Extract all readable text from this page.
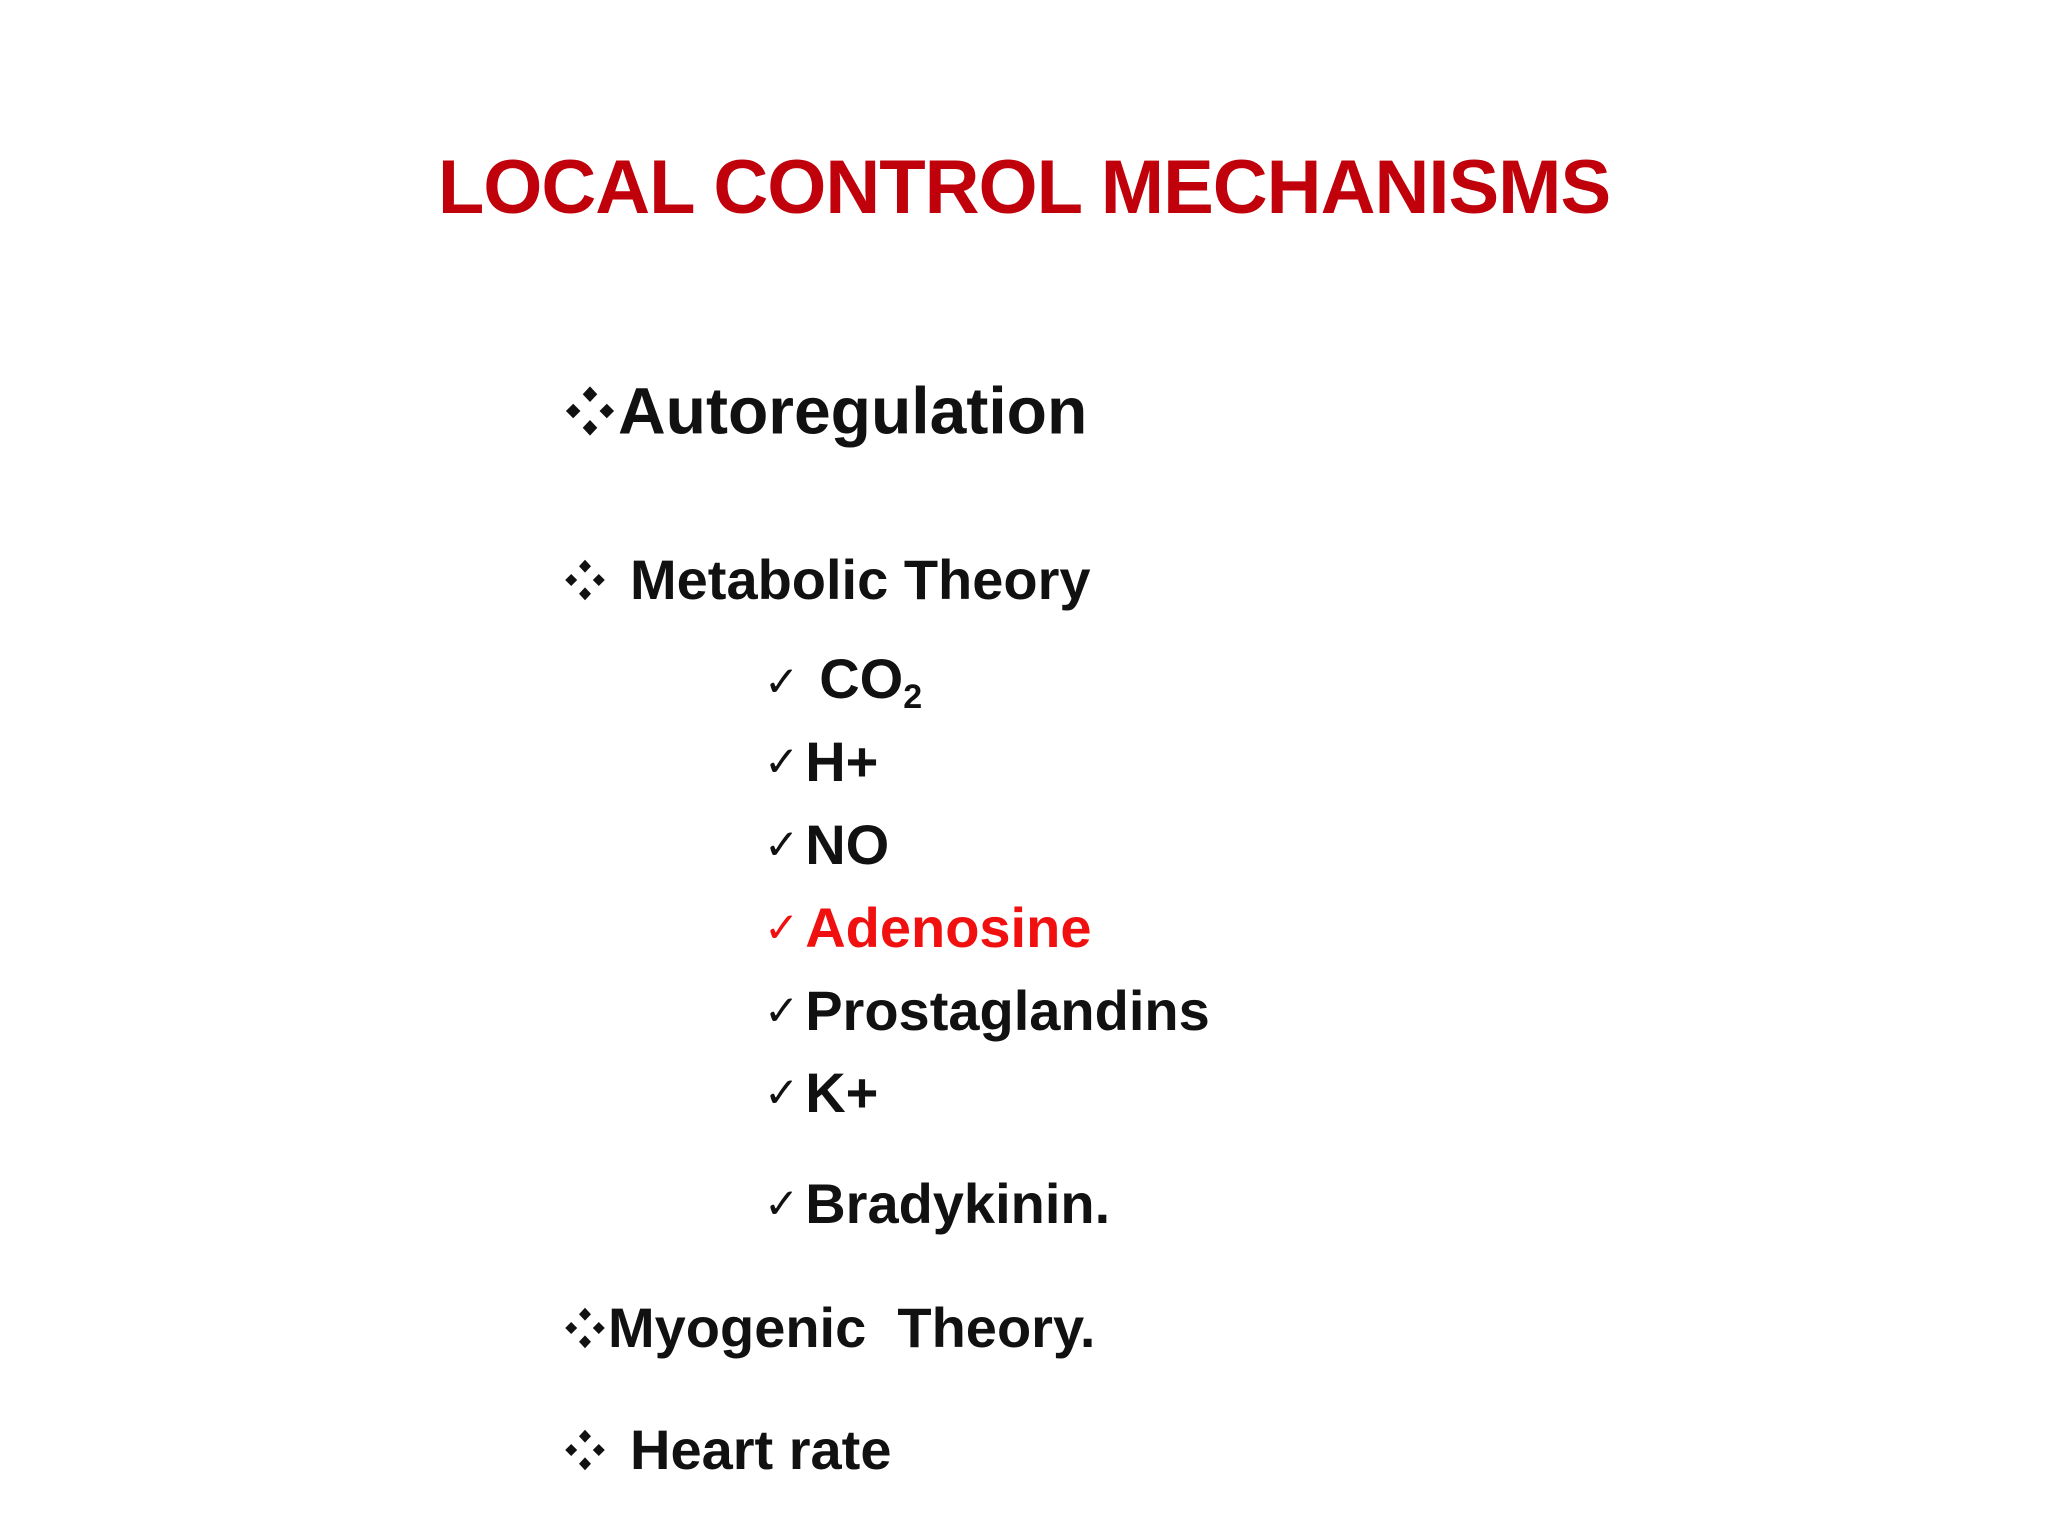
LOCAL CONTROL MECHANISMS
Autoregulation
Metabolic Theory
✓ $CO_2$
✓ H+
✓ NO
✓ Adenosine
✓ Prostaglandins
✓ K+
✓ Bradykinin.
Myogenic  Theory.
Heart rate
